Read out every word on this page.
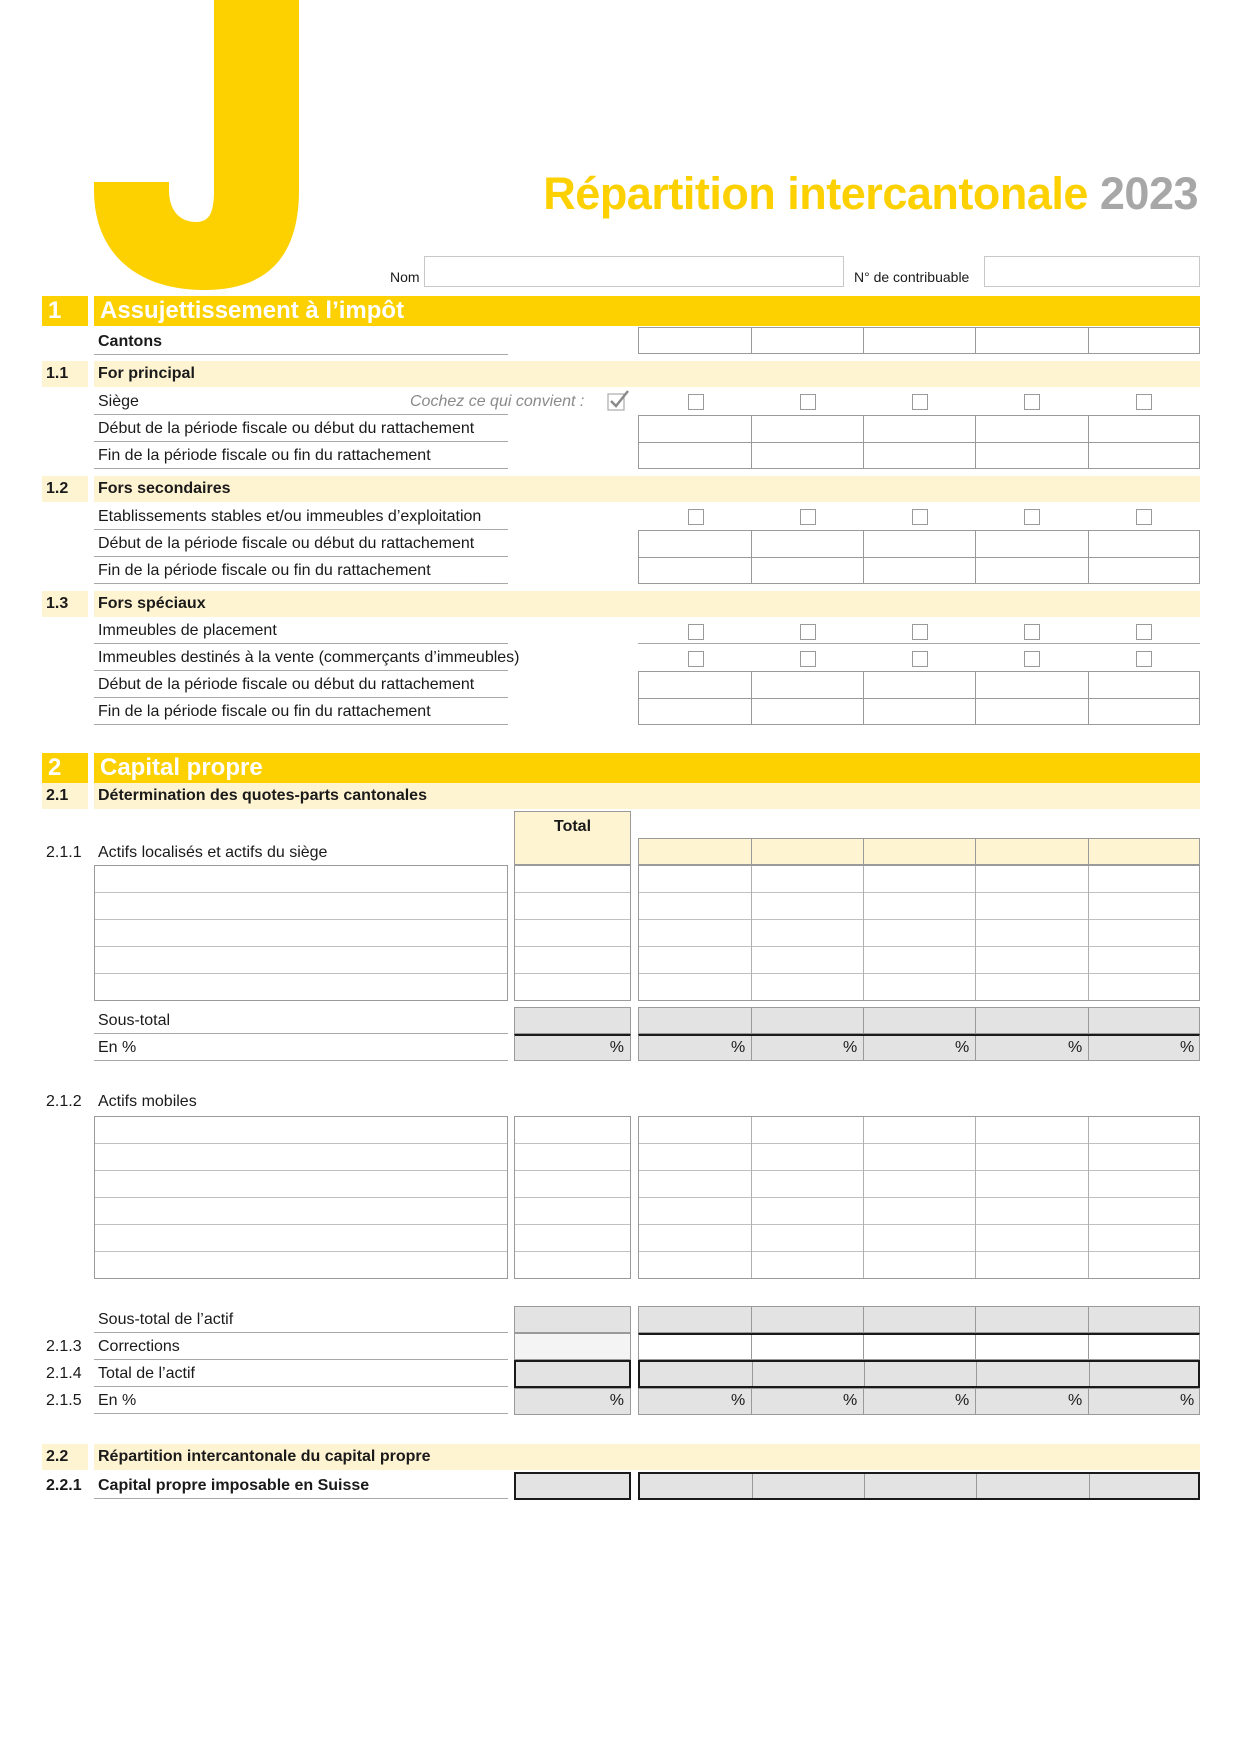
Répartition intercantonale 2023
Nom	N° de contribuable
1	Assujettissement à l’impôt
Cantons
1.1	For principal
Siège	Cochez ce qui convient :
Début de la période fiscale ou début du rattachement
Fin de la période fiscale ou fin du rattachement
1.2	Fors secondaires
Etablissements stables et/ou immeubles d’exploitation
Début de la période fiscale ou début du rattachement
Fin de la période fiscale ou fin du rattachement
1.3	Fors spéciaux
Immeubles de placement
Immeubles destinés à la vente (commerçants d’immeubles)
Début de la période fiscale ou début du rattachement
Fin de la période fiscale ou fin du rattachement
2	Capital propre
2.1	Détermination des quotes-parts cantonales
Total
2.1.1 Actifs localisés et actifs du siège
Sous-total
En %	%	%	%	%	%	%
2.1.2 Actifs mobiles
Sous-total de l’actif
2.1.3 Corrections
2.1.4 Total de l’actif
2.1.5 En %	%	%	%	%	%	%
2.2	Répartition intercantonale du capital propre
2.2.1 Capital propre imposable en Suisse
